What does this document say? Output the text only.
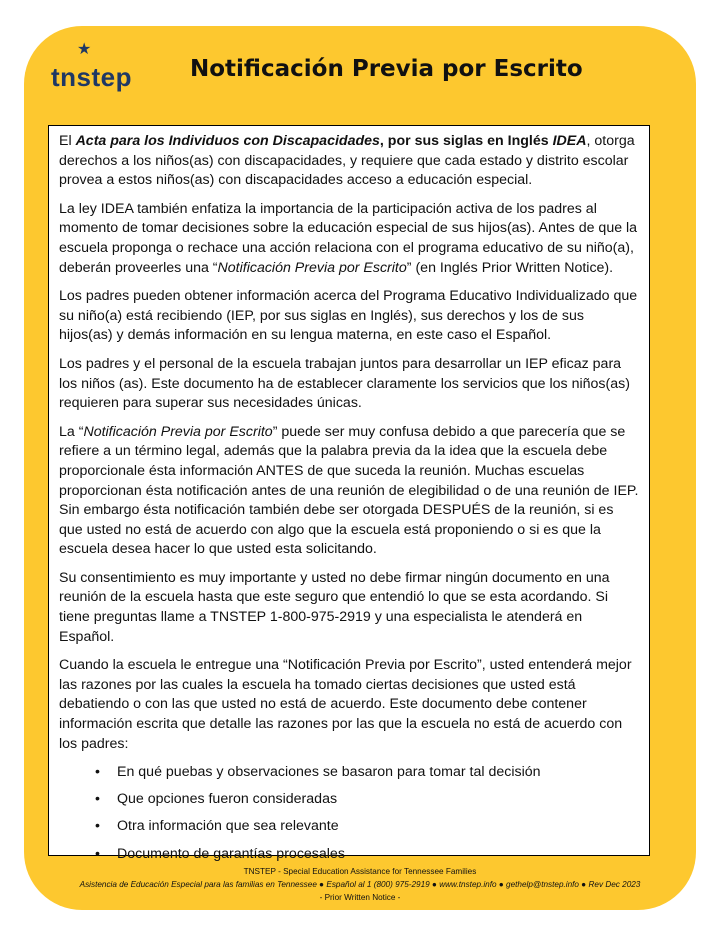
★
tnstep	Notificación Previa por Escrito

El Acta para los Individuos con Discapacidades, por sus siglas en Inglés IDEA, otorga derechos a los niños(as) con discapacidades, y requiere que cada estado y distrito escolar provea a estos niños(as) con discapacidades acceso a educación especial.

La ley IDEA también enfatiza la importancia de la participación activa de los padres al momento de tomar decisiones sobre la educación especial de sus hijos(as). Antes de que la escuela proponga o rechace una acción relaciona con el programa educativo de su niño(a), deberán proveerles una “Notificación Previa por Escrito” (en Inglés Prior Written Notice).

Los padres pueden obtener información acerca del Programa Educativo Individualizado que su niño(a) está recibiendo (IEP, por sus siglas en Inglés), sus derechos y los de sus hijos(as) y demás información en su lengua materna, en este caso el Español.

Los padres y el personal de la escuela trabajan juntos para desarrollar un IEP eficaz para los niños (as). Este documento ha de establecer claramente los servicios que los niños(as) requieren para superar sus necesidades únicas.

La “Notificación Previa por Escrito” puede ser muy confusa debido a que parecería que se refiere a un término legal, además que la palabra previa da la idea que la escuela debe proporcionale ésta información ANTES de que suceda la reunión. Muchas escuelas proporcionan ésta notificación antes de una reunión de elegibilidad o de una reunión de IEP. Sin embargo ésta notificación también debe ser otorgada DESPUÉS de la reunión, si es que usted no está de acuerdo con algo que la escuela está proponiendo o si es que la escuela desea hacer lo que usted esta solicitando.

Su consentimiento es muy importante y usted no debe firmar ningún documento en una reunión de la escuela hasta que este seguro que entendió lo que se esta acordando. Si tiene preguntas llame a TNSTEP 1-800-975-2919 y una especialista le atenderá en Español.

Cuando la escuela le entregue una “Notificación Previa por Escrito”, usted entenderá mejor las razones por las cuales la escuela ha tomado ciertas decisiones que usted está debatiendo o con las que usted no está de acuerdo. Este documento debe contener información escrita que detalle las razones por las que la escuela no está de acuerdo con los padres:

• En qué puebas y observaciones se basaron para tomar tal decisión
• Que opciones fueron consideradas
• Otra información que sea relevante
• Documento de garantías procesales
TNSTEP - Special Education Assistance for Tennessee Families
Asistencia de Educación Especial para las familias en Tennessee ● Español al 1 (800) 975-2919 ● www.tnstep.info ● gethelp@tnstep.info ● Rev Dec 2023
- Prior Written Notice -
